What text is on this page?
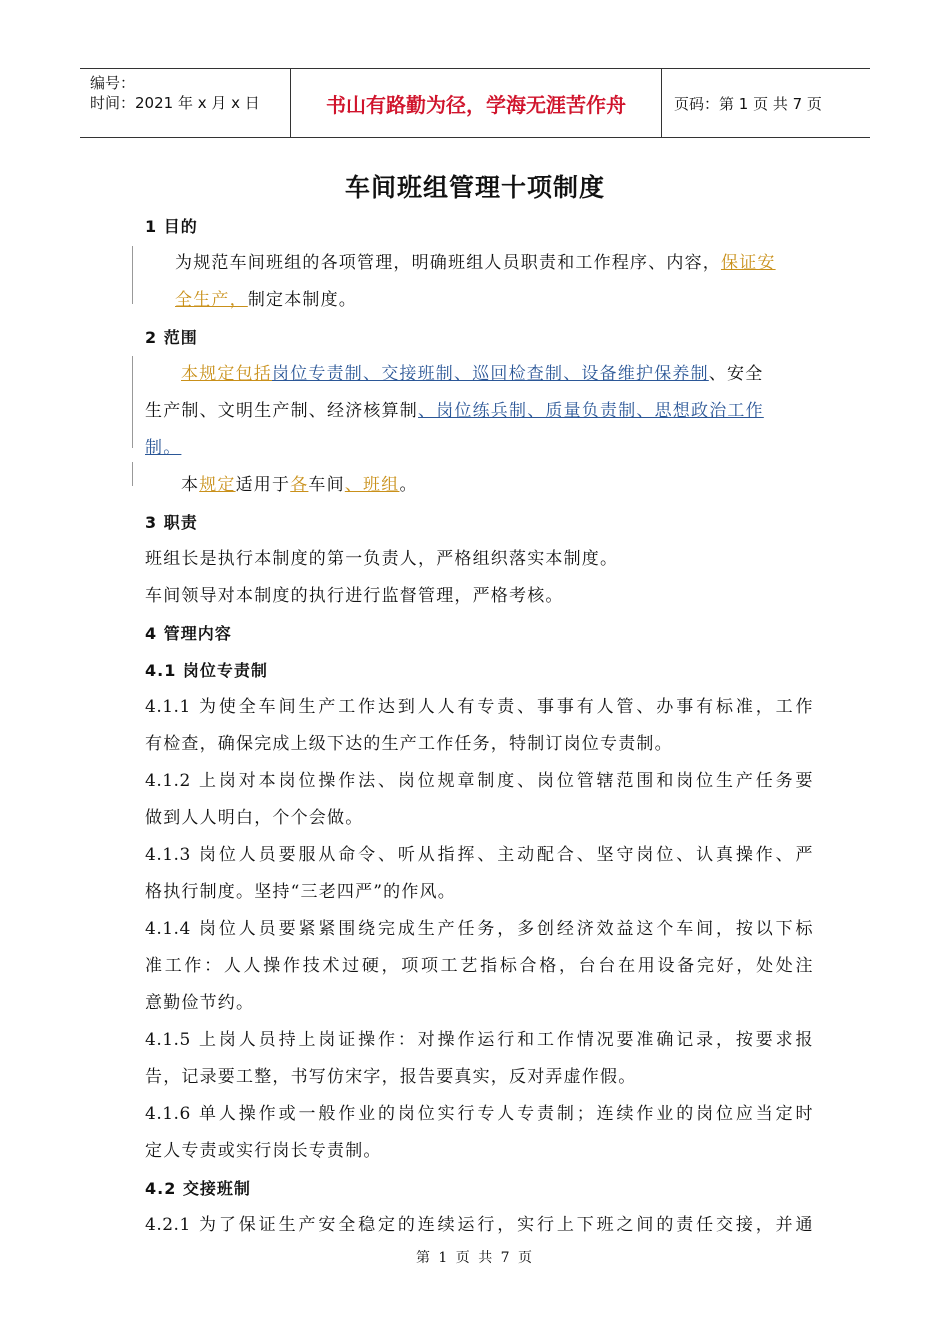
编号：
时间：2021 年 x 月 x 日	书山有路勤为径，学海无涯苦作舟	页码：第 1 页 共 7 页
车间班组管理十项制度
1 目的
为规范车间班组的各项管理，明确班组人员职责和工作程序、内容，保证安
全生产，制定本制度。
2 范围
本规定包括岗位专责制、交接班制、巡回检查制、设备维护保养制、安全
生产制、文明生产制、经济核算制、岗位练兵制、质量负责制、思想政治工作
制。
本规定适用于各车间、班组。
3 职责
班组长是执行本制度的第一负责人，严格组织落实本制度。
车间领导对本制度的执行进行监督管理，严格考核。
4 管理内容
4.1 岗位专责制
4.1.1 为使全车间生产工作达到人人有专责、事事有人管、办事有标准，工作
有检查，确保完成上级下达的生产工作任务，特制订岗位专责制。
4.1.2 上岗对本岗位操作法、岗位规章制度、岗位管辖范围和岗位生产任务要
做到人人明白，个个会做。
4.1.3 岗位人员要服从命令、听从指挥、主动配合、坚守岗位、认真操作、严
格执行制度。坚持“三老四严”的作风。
4.1.4 岗位人员要紧紧围绕完成生产任务，多创经济效益这个车间，按以下标
准工作：人人操作技术过硬，项项工艺指标合格，台台在用设备完好，处处注
意勤俭节约。
4.1.5 上岗人员持上岗证操作：对操作运行和工作情况要准确记录，按要求报
告，记录要工整，书写仿宋字，报告要真实，反对弄虚作假。
4.1.6 单人操作或一般作业的岗位实行专人专责制；连续作业的岗位应当定时
定人专责或实行岗长专责制。
4.2 交接班制
4.2.1 为了保证生产安全稳定的连续运行，实行上下班之间的责任交接，并通
第 1 页 共 7 页
